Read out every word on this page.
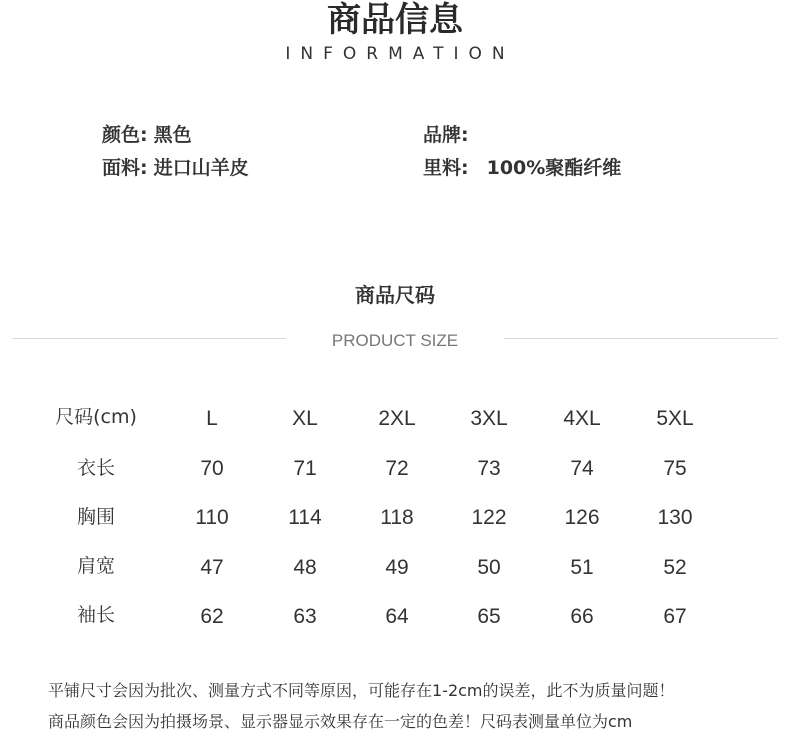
商品信息
INFORMATION
颜色: 黑色	品牌:
面料: 进口山羊皮	里料: 100%聚酯纤维
商品尺码
PRODUCT SIZE
尺码(cm)	L	XL	2XL	3XL	4XL	5XL
衣长	70	71	72	73	74	75
胸围	110	114	118	122	126	130
肩宽	47	48	49	50	51	52
袖长	62	63	64	65	66	67
平铺尺寸会因为批次、测量方式不同等原因，可能存在1-2cm的误差，此不为质量问题！
商品颜色会因为拍摄场景、显示器显示效果存在一定的色差！尺码表测量单位为cm
